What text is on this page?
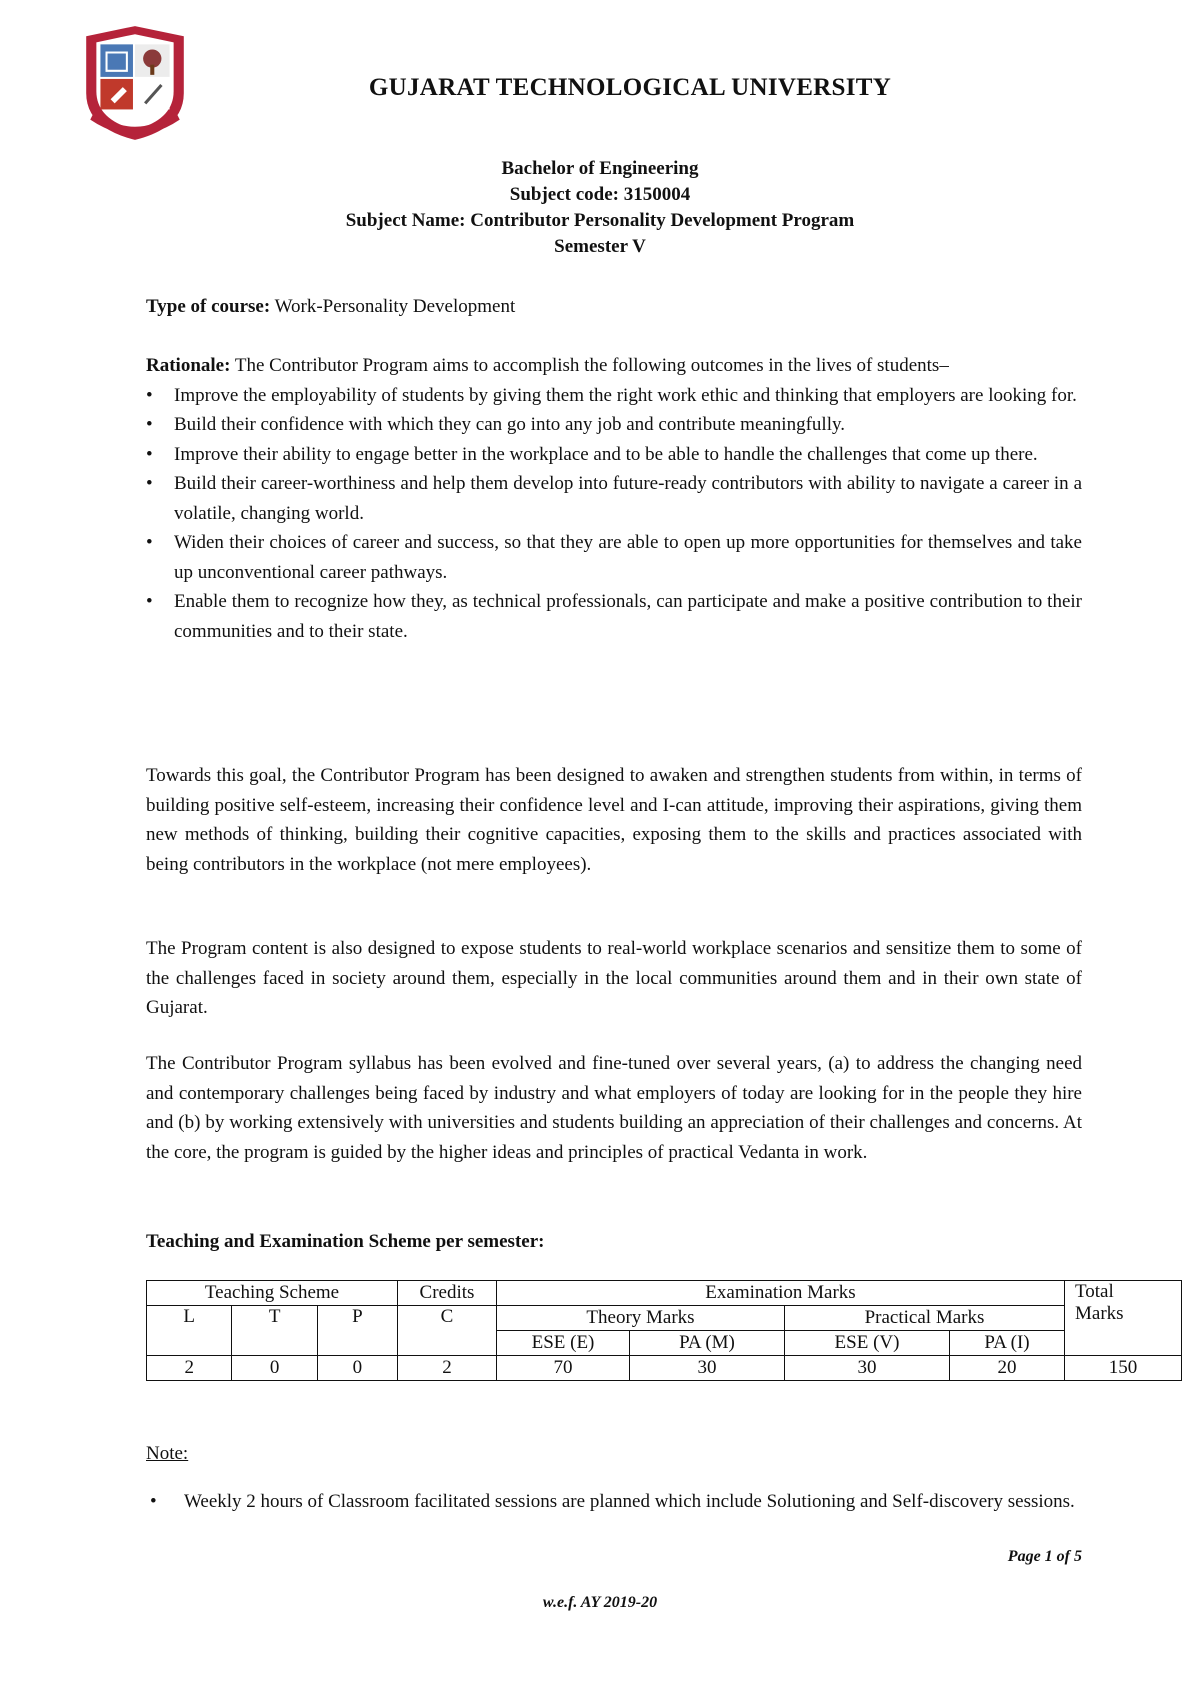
GUJARAT TECHNOLOGICAL UNIVERSITY
Bachelor of Engineering
Subject code: 3150004
Subject Name: Contributor Personality Development Program
Semester V
Type of course: Work-Personality Development
Rationale: The Contributor Program aims to accomplish the following outcomes in the lives of students–
• Improve the employability of students by giving them the right work ethic and thinking that employers are looking for.
• Build their confidence with which they can go into any job and contribute meaningfully.
• Improve their ability to engage better in the workplace and to be able to handle the challenges that come up there.
• Build their career-worthiness and help them develop into future-ready contributors with ability to navigate a career in a volatile, changing world.
• Widen their choices of career and success, so that they are able to open up more opportunities for themselves and take up unconventional career pathways.
• Enable them to recognize how they, as technical professionals, can participate and make a positive contribution to their communities and to their state.
Towards this goal, the Contributor Program has been designed to awaken and strengthen students from within, in terms of building positive self-esteem, increasing their confidence level and I-can attitude, improving their aspirations, giving them new methods of thinking, building their cognitive capacities, exposing them to the skills and practices associated with being contributors in the workplace (not mere employees).
The Program content is also designed to expose students to real-world workplace scenarios and sensitize them to some of the challenges faced in society around them, especially in the local communities around them and in their own state of Gujarat.
The Contributor Program syllabus has been evolved and fine-tuned over several years, (a) to address the changing need and contemporary challenges being faced by industry and what employers of today are looking for in the people they hire and (b) by working extensively with universities and students building an appreciation of their challenges and concerns. At the core, the program is guided by the higher ideas and principles of practical Vedanta in work.
Teaching and Examination Scheme per semester:
Teaching Scheme			Credits	Examination Marks				Total
Marks

L	T	P	C	Theory Marks		Practical Marks		
				ESE (E)	PA (M)	ESE (V)	PA (I)	
2	0	0	2	70	30	30	20	150
Note:
• Weekly 2 hours of Classroom facilitated sessions are planned which include Solutioning and Self-discovery sessions.
Page 1 of 5
w.e.f. AY 2019-20
